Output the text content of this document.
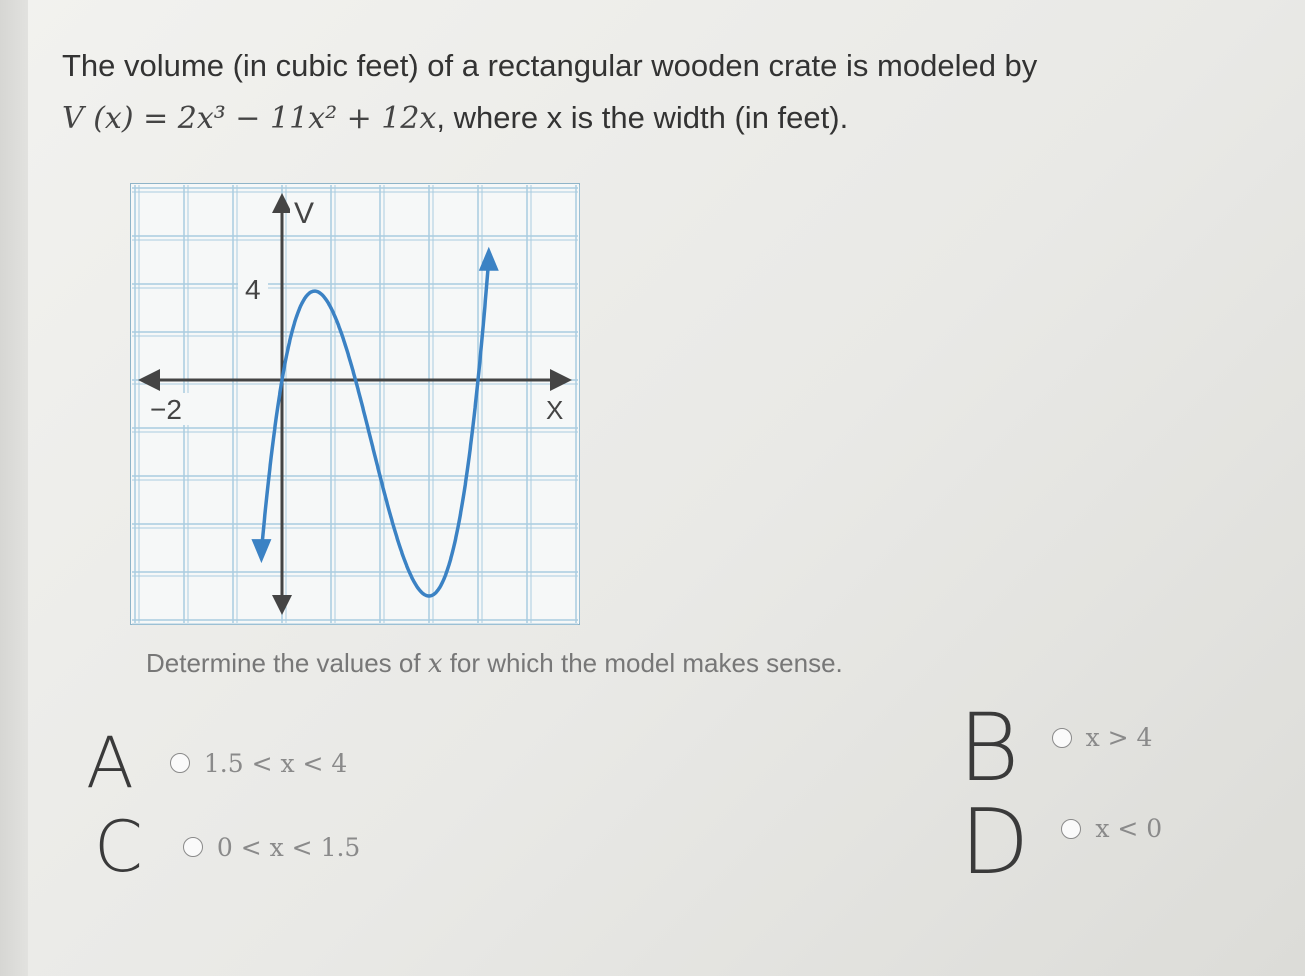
The volume (in cubic feet) of a rectangular wooden crate is modeled by
V (x) = 2x³ − 11x² + 12x, where x is the width (in feet).
V
X
4
−2
Determine the values of x for which the model makes sense.
A	1.5 < x < 4
C	0 < x < 1.5
B	x > 4
D	x < 0
